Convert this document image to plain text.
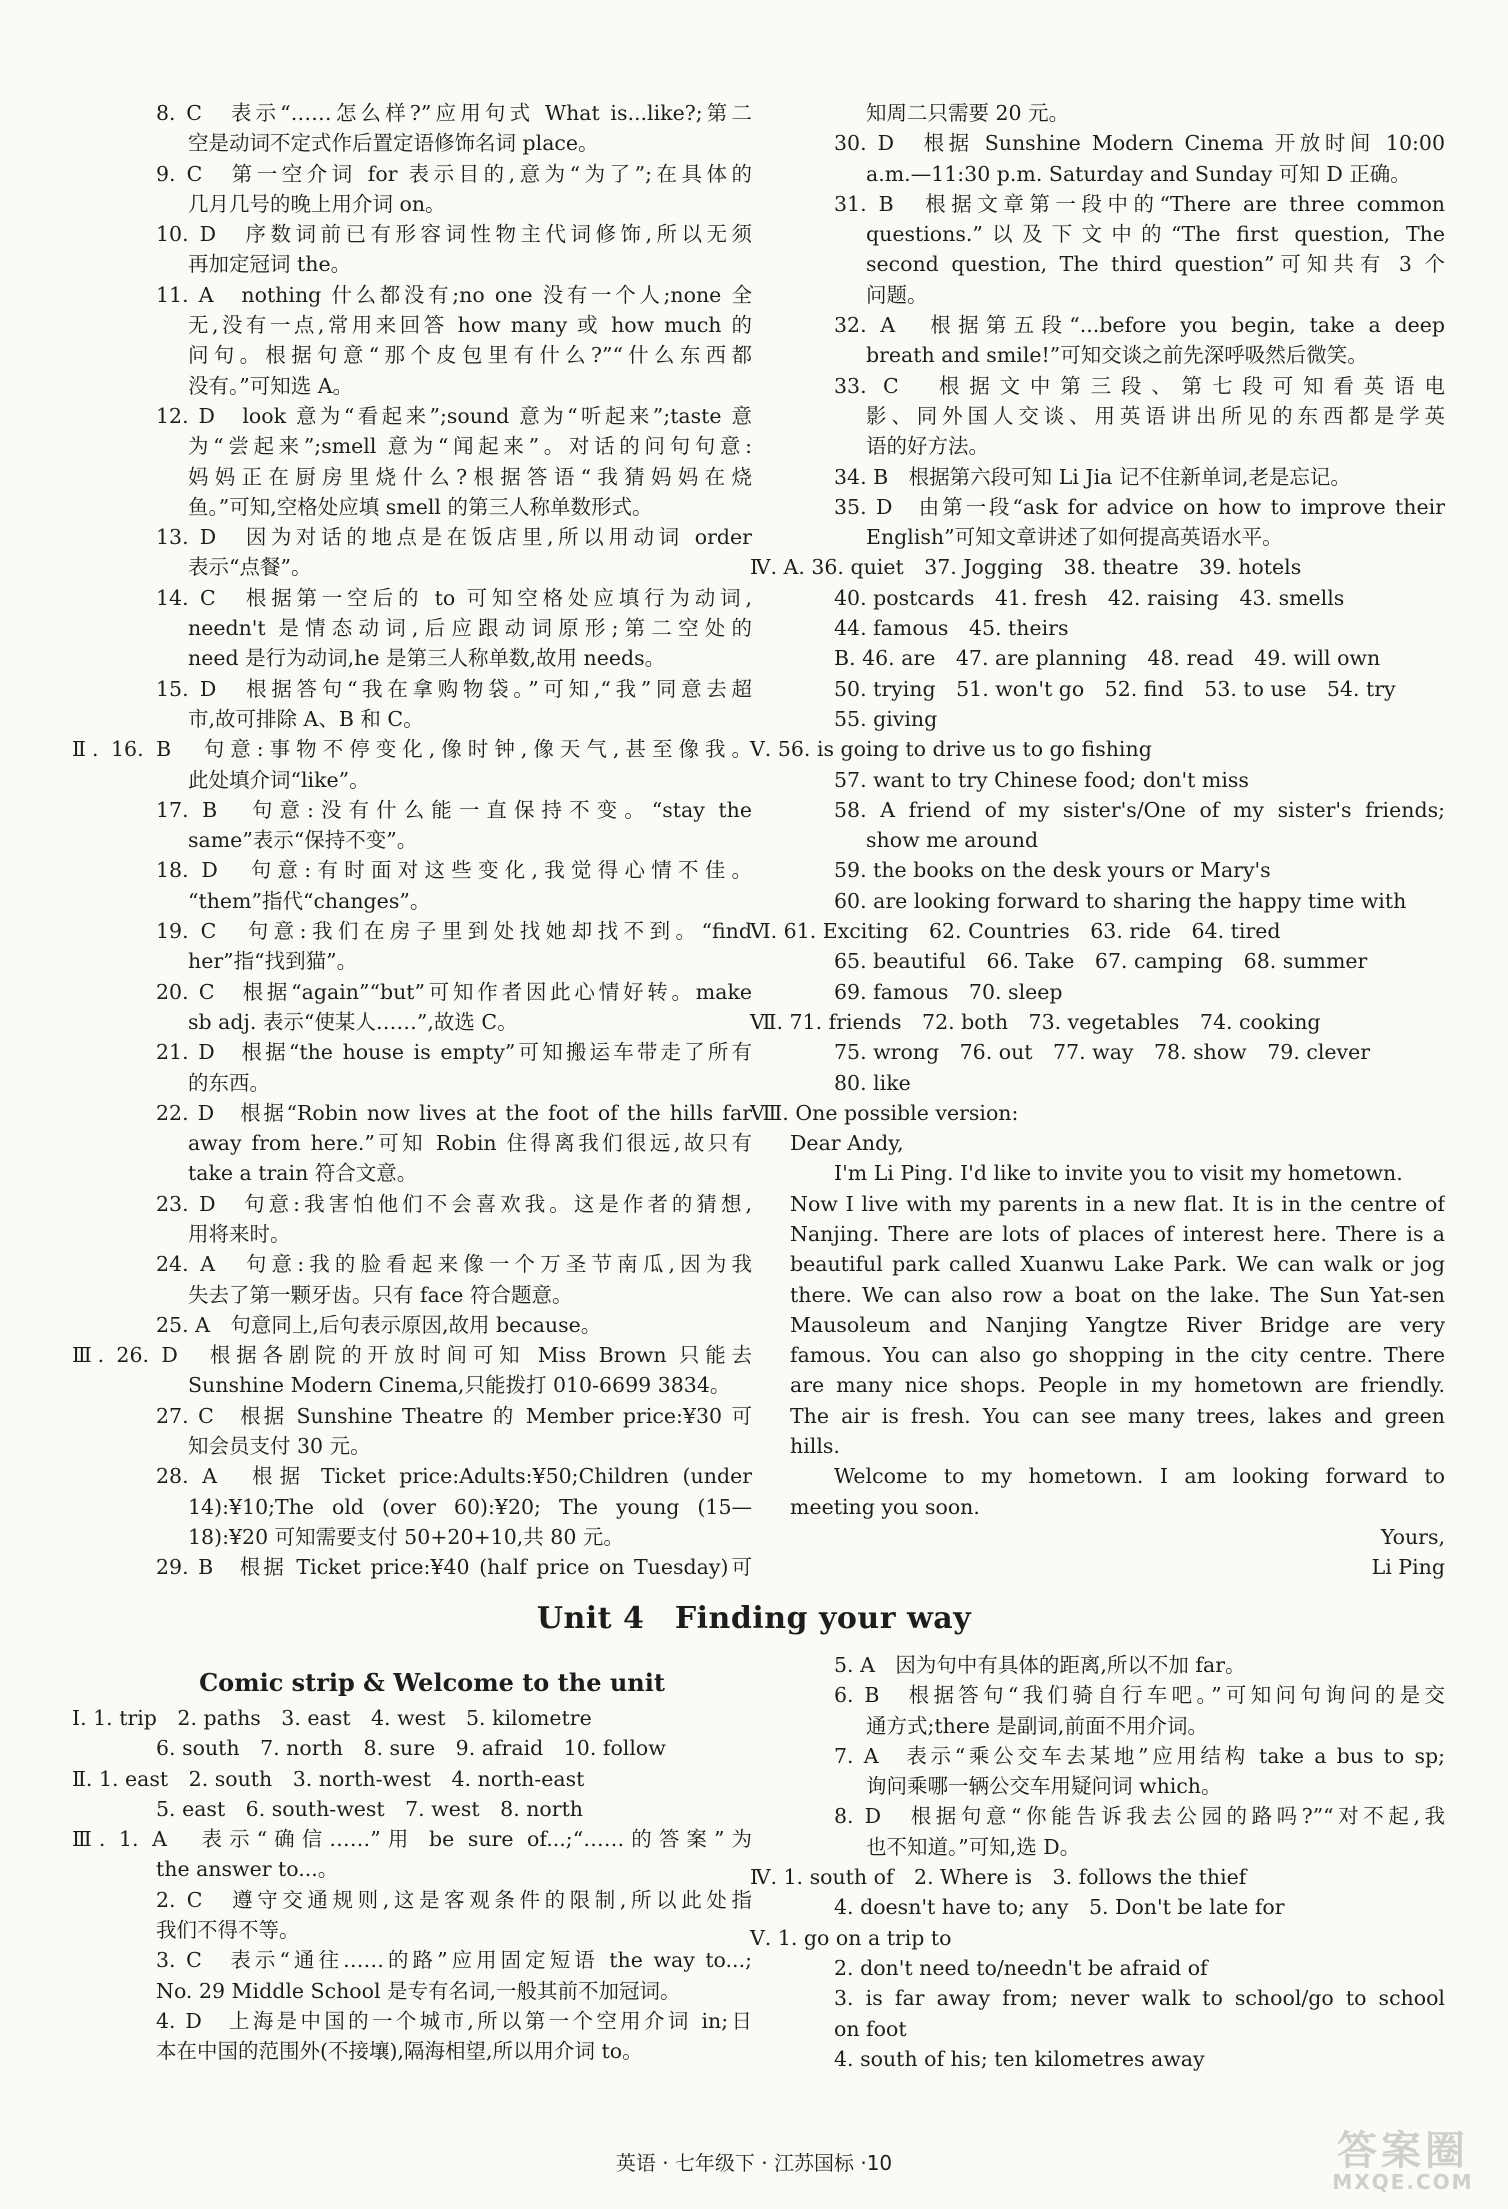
8. C　表示“……怎么样?”应用句式 What is...like?;第二
空是动词不定式作后置定语修饰名词 place。
9. C　第一空介词 for 表示目的,意为“为了”;在具体的
几月几号的晚上用介词 on。
10. D　序数词前已有形容词性物主代词修饰,所以无须
再加定冠词 the。
11. A　nothing 什么都没有;no one 没有一个人;none 全
无,没有一点,常用来回答 how many 或 how much 的
问句。根据句意“那个皮包里有什么?”“什么东西都
没有。”可知选 A。
12. D　look 意为“看起来”;sound 意为“听起来”;taste 意
为“尝起来”;smell 意为“闻起来”。对话的问句句意:
妈妈正在厨房里烧什么?根据答语“我猜妈妈在烧
鱼。”可知,空格处应填 smell 的第三人称单数形式。
13. D　因为对话的地点是在饭店里,所以用动词 order
表示“点餐”。
14. C　根据第一空后的 to 可知空格处应填行为动词,
needn't 是情态动词,后应跟动词原形;第二空处的
need 是行为动词,he 是第三人称单数,故用 needs。
15. D　根据答句“我在拿购物袋。”可知,“我”同意去超
市,故可排除 A、B 和 C。
Ⅱ. 16. B　句意:事物不停变化,像时钟,像天气,甚至像我。
此处填介词“like”。
17. B　句意:没有什么能一直保持不变。“stay the
same”表示“保持不变”。
18. D　句意:有时面对这些变化,我觉得心情不佳。
“them”指代“changes”。
19. C　句意:我们在房子里到处找她却找不到。“find
her”指“找到猫”。
20. C　根据“again”“but”可知作者因此心情好转。make
sb adj. 表示“使某人……”,故选 C。
21. D　根据“the house is empty”可知搬运车带走了所有
的东西。
22. D　根据“Robin now lives at the foot of the hills far
away from here.”可知 Robin 住得离我们很远,故只有
take a train 符合文意。
23. D　句意:我害怕他们不会喜欢我。这是作者的猜想,
用将来时。
24. A　句意:我的脸看起来像一个万圣节南瓜,因为我
失去了第一颗牙齿。只有 face 符合题意。
25. A　句意同上,后句表示原因,故用 because。
Ⅲ. 26. D　根据各剧院的开放时间可知 Miss Brown 只能去
Sunshine Modern Cinema,只能拨打 010-6699 3834。
27. C　根据 Sunshine Theatre 的 Member price:¥30 可
知会员支付 30 元。
28. A　根据 Ticket price:Adults:¥50;Children (under
14):¥10;The old (over 60):¥20; The young (15—
18):¥20 可知需要支付 50+20+10,共 80 元。
29. B　根据 Ticket price:¥40 (half price on Tuesday)可
知周二只需要 20 元。
30. D　根据 Sunshine Modern Cinema 开放时间 10:00
a.m.—11:30 p.m. Saturday and Sunday 可知 D 正确。
31. B　根据文章第一段中的“There are three common
questions.”以及下文中的“The first question, The
second question, The third question”可知共有 3 个
问题。
32. A　根据第五段“...before you begin, take a deep
breath and smile!”可知交谈之前先深呼吸然后微笑。
33. C　根据文中第三段、第七段可知看英语电
影、同外国人交谈、用英语讲出所见的东西都是学英
语的好方法。
34. B　根据第六段可知 Li Jia 记不住新单词,老是忘记。
35. D　由第一段“ask for advice on how to improve their
English”可知文章讲述了如何提高英语水平。
Ⅳ. A. 36. quiet　37. Jogging　38. theatre　39. hotels
40. postcards　41. fresh　42. raising　43. smells
44. famous　45. theirs
B. 46. are　47. are planning　48. read　49. will own
50. trying　51. won't go　52. find　53. to use　54. try
55. giving
Ⅴ. 56. is going to drive us to go fishing
57. want to try Chinese food; don't miss
58. A friend of my sister's/One of my sister's friends;
show me around
59. the books on the desk yours or Mary's
60. are looking forward to sharing the happy time with
Ⅵ. 61. Exciting　62. Countries　63. ride　64. tired
65. beautiful　66. Take　67. camping　68. summer
69. famous　70. sleep
Ⅶ. 71. friends　72. both　73. vegetables　74. cooking
75. wrong　76. out　77. way　78. show　79. clever
80. like
Ⅷ. One possible version:
Dear Andy,
I'm Li Ping. I'd like to invite you to visit my hometown.
Now I live with my parents in a new flat. It is in the centre of
Nanjing. There are lots of places of interest here. There is a
beautiful park called Xuanwu Lake Park. We can walk or jog
there. We can also row a boat on the lake. The Sun Yat-sen
Mausoleum and Nanjing Yangtze River Bridge are very
famous. You can also go shopping in the city centre. There
are many nice shops. People in my hometown are friendly.
The air is fresh. You can see many trees, lakes and green
hills.
Welcome to my hometown. I am looking forward to
meeting you soon.
Yours,
Li Ping
Unit 4　Finding your way
Comic strip & Welcome to the unit
Ⅰ. 1. trip　2. paths　3. east　4. west　5. kilometre
6. south　7. north　8. sure　9. afraid　10. follow
Ⅱ. 1. east　2. south　3. north-west　4. north-east
5. east　6. south-west　7. west　8. north
Ⅲ. 1. A　表示“确信……”用 be sure of...;“……的答案”为
the answer to...。
2. C　遵守交通规则,这是客观条件的限制,所以此处指
我们不得不等。
3. C　表示“通往……的路”应用固定短语 the way to...;
No. 29 Middle School 是专有名词,一般其前不加冠词。
4. D　上海是中国的一个城市,所以第一个空用介词 in;日
本在中国的范围外(不接壤),隔海相望,所以用介词 to。
5. A　因为句中有具体的距离,所以不加 far。
6. B　根据答句“我们骑自行车吧。”可知问句询问的是交
通方式;there 是副词,前面不用介词。
7. A　表示“乘公交车去某地”应用结构 take a bus to sp;
询问乘哪一辆公交车用疑问词 which。
8. D　根据句意“你能告诉我去公园的路吗?”“对不起,我
也不知道。”可知,选 D。
Ⅳ. 1. south of　2. Where is　3. follows the thief
4. doesn't have to; any　5. Don't be late for
Ⅴ. 1. go on a trip to
2. don't need to/needn't be afraid of
3. is far away from; never walk to school/go to school
on foot
4. south of his; ten kilometres away
英语 · 七年级下 · 江苏国标 ·10	答案圈
MXQE.COM
